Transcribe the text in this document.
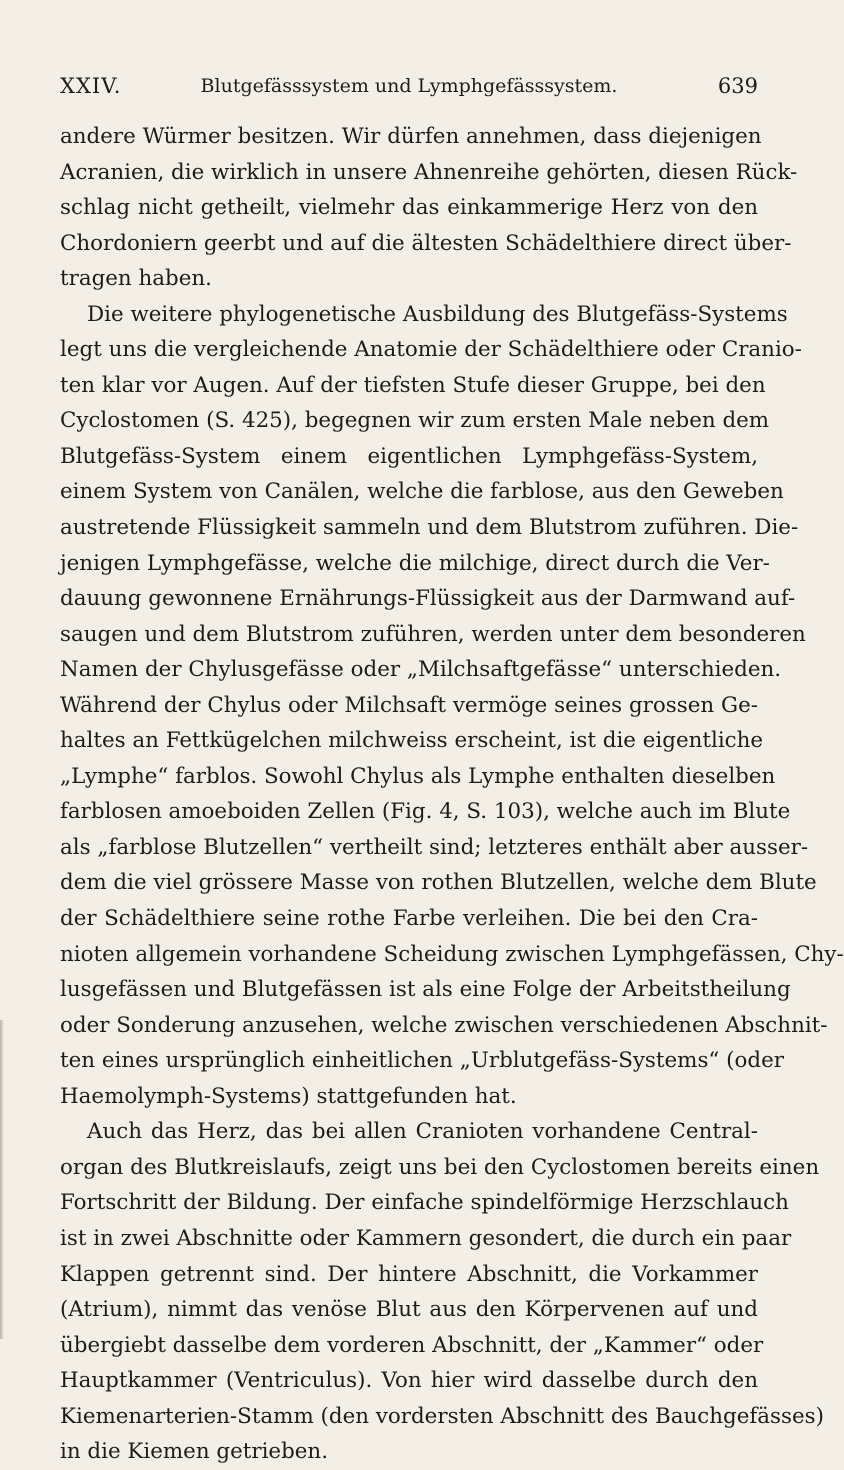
XXIV.	Blutgefässsystem und Lymphgefässsystem.	639
andere Würmer besitzen. Wir dürfen annehmen, dass diejenigen
Acranien, die wirklich in unsere Ahnenreihe gehörten, diesen Rück-
schlag nicht getheilt, vielmehr das einkammerige Herz von den
Chordoniern geerbt und auf die ältesten Schädelthiere direct über-
tragen haben.
Die weitere phylogenetische Ausbildung des Blutgefäss-Systems
legt uns die vergleichende Anatomie der Schädelthiere oder Cranio-
ten klar vor Augen. Auf der tiefsten Stufe dieser Gruppe, bei den
Cyclostomen (S. 425), begegnen wir zum ersten Male neben dem
Blutgefäss-System einem eigentlichen Lymphgefäss-System,
einem System von Canälen, welche die farblose, aus den Geweben
austretende Flüssigkeit sammeln und dem Blutstrom zuführen. Die-
jenigen Lymphgefässe, welche die milchige, direct durch die Ver-
dauung gewonnene Ernährungs-Flüssigkeit aus der Darmwand auf-
saugen und dem Blutstrom zuführen, werden unter dem besonderen
Namen der Chylusgefässe oder „Milchsaftgefässe“ unterschieden.
Während der Chylus oder Milchsaft vermöge seines grossen Ge-
haltes an Fettkügelchen milchweiss erscheint, ist die eigentliche
„Lymphe“ farblos. Sowohl Chylus als Lymphe enthalten dieselben
farblosen amoeboiden Zellen (Fig. 4, S. 103), welche auch im Blute
als „farblose Blutzellen“ vertheilt sind; letzteres enthält aber ausser-
dem die viel grössere Masse von rothen Blutzellen, welche dem Blute
der Schädelthiere seine rothe Farbe verleihen. Die bei den Cra-
nioten allgemein vorhandene Scheidung zwischen Lymphgefässen, Chy-
lusgefässen und Blutgefässen ist als eine Folge der Arbeitstheilung
oder Sonderung anzusehen, welche zwischen verschiedenen Abschnit-
ten eines ursprünglich einheitlichen „Urblutgefäss-Systems“ (oder
Haemolymph-Systems) stattgefunden hat.
Auch das Herz, das bei allen Cranioten vorhandene Central-
organ des Blutkreislaufs, zeigt uns bei den Cyclostomen bereits einen
Fortschritt der Bildung. Der einfache spindelförmige Herzschlauch
ist in zwei Abschnitte oder Kammern gesondert, die durch ein paar
Klappen getrennt sind. Der hintere Abschnitt, die Vorkammer
(Atrium), nimmt das venöse Blut aus den Körpervenen auf und
übergiebt dasselbe dem vorderen Abschnitt, der „Kammer“ oder
Hauptkammer (Ventriculus). Von hier wird dasselbe durch den
Kiemenarterien-Stamm (den vordersten Abschnitt des Bauchgefässes)
in die Kiemen getrieben.
